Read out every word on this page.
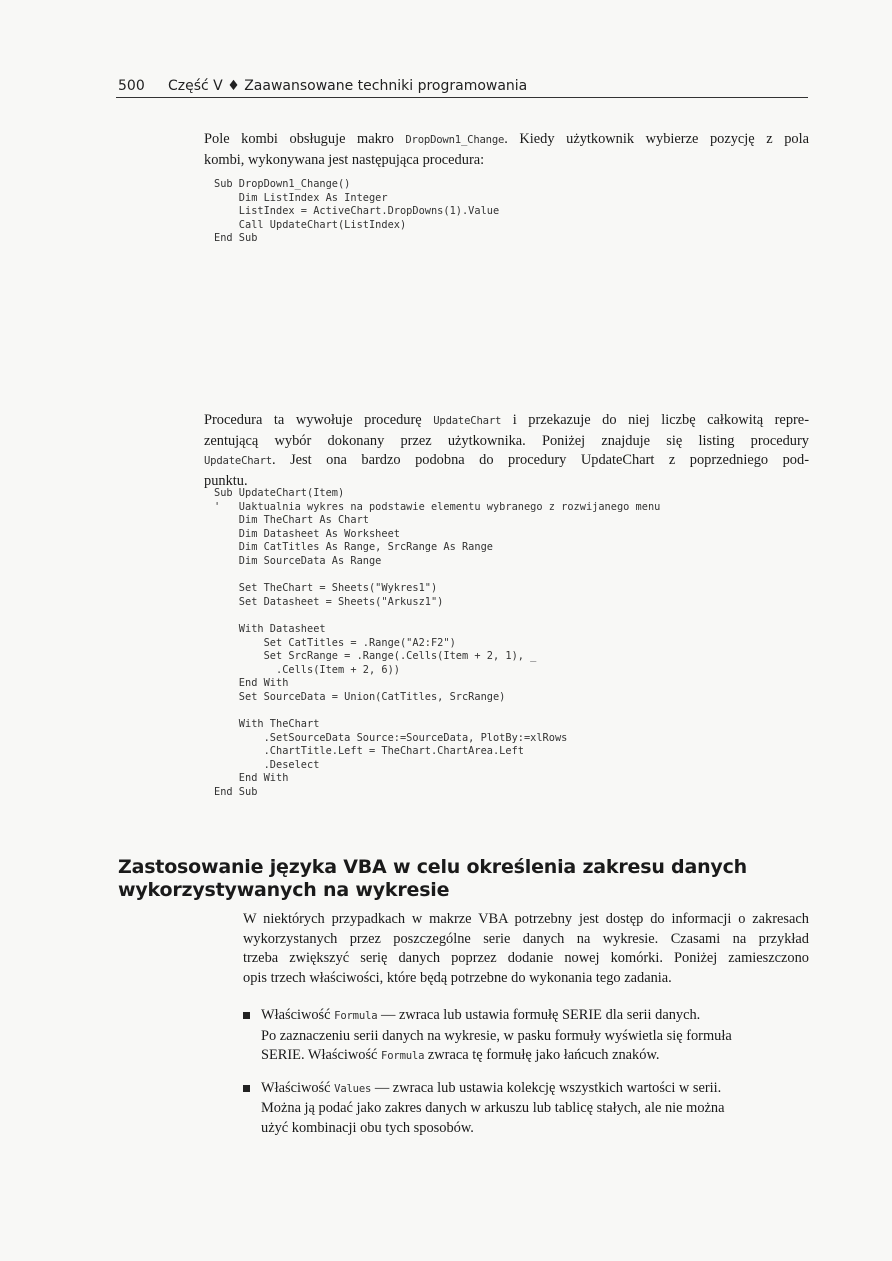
500 Część V ♦ Zaawansowane techniki programowania
Pole kombi obsługuje makro DropDown1_Change. Kiedy użytkownik wybierze pozycję z pola
kombi, wykonywana jest następująca procedura:
Sub DropDown1_Change()
Dim ListIndex As Integer
ListIndex = ActiveChart.DropDowns(1).Value
Call UpdateChart(ListIndex)
End Sub
Procedura ta wywołuje procedurę UpdateChart i przekazuje do niej liczbę całkowitą repre-
zentującą wybór dokonany przez użytkownika. Poniżej znajduje się listing procedury
UpdateChart. Jest ona bardzo podobna do procedury UpdateChart z poprzedniego pod-
punktu.
Sub UpdateChart(Item)
'   Uaktualnia wykres na podstawie elementu wybranego z rozwijanego menu
Dim TheChart As Chart
Dim Datasheet As Worksheet
Dim CatTitles As Range, SrcRange As Range
Dim SourceData As Range

Set TheChart = Sheets("Wykres1")
Set Datasheet = Sheets("Arkusz1")

With Datasheet
Set CatTitles = .Range("A2:F2")
Set SrcRange = .Range(.Cells(Item + 2, 1), _
.Cells(Item + 2, 6))
End With
Set SourceData = Union(CatTitles, SrcRange)

With TheChart
.SetSourceData Source:=SourceData, PlotBy:=xlRows
.ChartTitle.Left = TheChart.ChartArea.Left
.Deselect
End With
End Sub
Zastosowanie języka VBA w celu określenia zakresu danych
wykorzystywanych na wykresie
W niektórych przypadkach w makrze VBA potrzebny jest dostęp do informacji o zakresach
wykorzystanych przez poszczególne serie danych na wykresie. Czasami na przykład
trzeba zwiększyć serię danych poprzez dodanie nowej komórki. Poniżej zamieszczono
opis trzech właściwości, które będą potrzebne do wykonania tego zadania.
Właściwość Formula — zwraca lub ustawia formułę SERIE dla serii danych.
Po zaznaczeniu serii danych na wykresie, w pasku formuły wyświetla się formuła
SERIE. Właściwość Formula zwraca tę formułę jako łańcuch znaków.
Właściwość Values — zwraca lub ustawia kolekcję wszystkich wartości w serii.
Można ją podać jako zakres danych w arkuszu lub tablicę stałych, ale nie można
użyć kombinacji obu tych sposobów.
